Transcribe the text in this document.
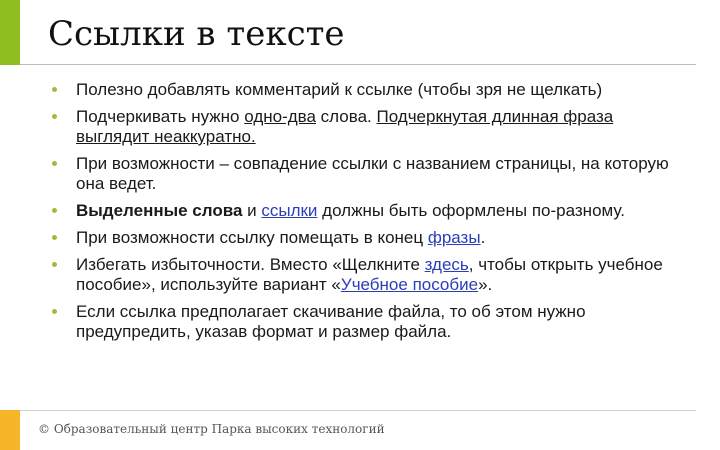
Ссылки в тексте
Полезно добавлять комментарий к ссылке (чтобы зря не щелкать)
Подчеркивать нужно одно-два слова. Подчеркнутая длинная фраза выглядит неаккуратно.
При возможности – совпадение ссылки с названием страницы, на которую она ведет.
Выделенные слова и ссылки должны быть оформлены по-разному.
При возможности ссылку помещать в конец фразы.
Избегать избыточности. Вместо «Щелкните здесь, чтобы открыть учебное пособие», используйте вариант «Учебное пособие».
Если ссылка предполагает скачивание файла, то об этом нужно предупредить, указав формат и размер файла.
© Образовательный центр Парка высоких технологий
